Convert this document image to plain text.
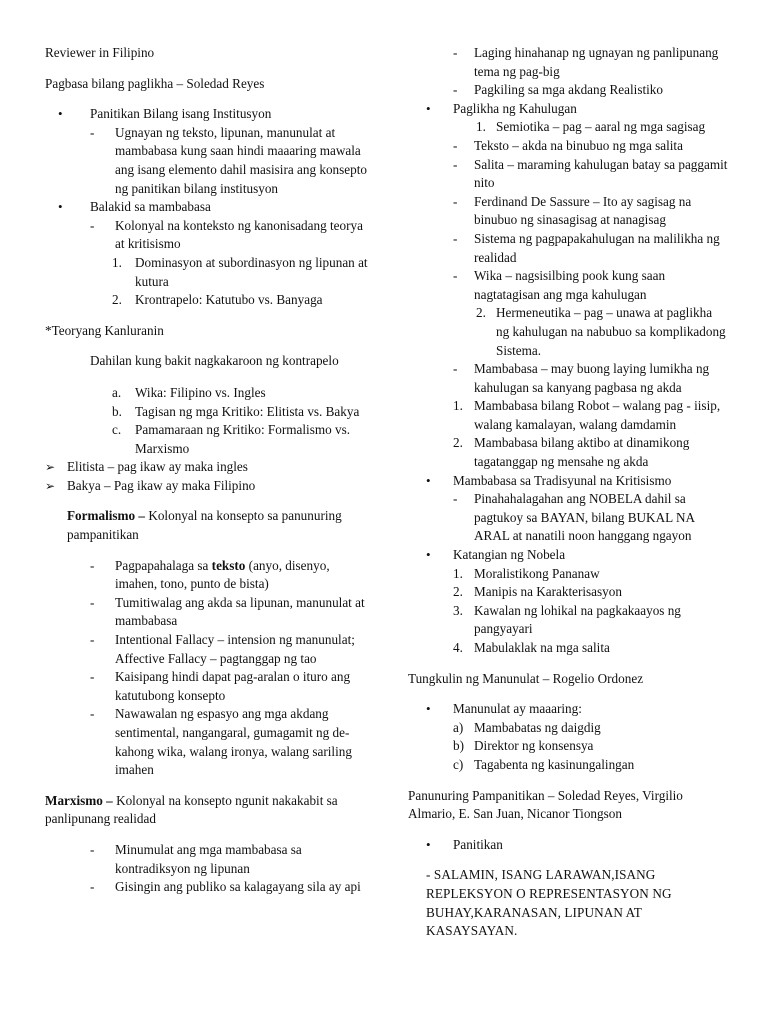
Reviewer in Filipino

Pagbasa bilang paglikha – Soledad Reyes

•
Panitikan Bilang isang Institusyon
-
Ugnayan ng teksto, lipunan, manunulat at mambabasa kung saan hindi maaaring mawala ang isang elemento dahil masisira ang konsepto ng panitikan bilang institusyon
•
Balakid sa mambabasa
-
Kolonyal na konteksto ng kanonisadang teorya at kritisismo
1. Dominasyon at subordinasyon ng lipunan at kutura
2. Krontrapelo: Katutubo vs. Banyaga

*Teoryang Kanluranin

Dahilan kung bakit nagkakaroon ng kontrapelo

a.	Wika: Filipino vs. Ingles
b. Tagisan ng mga Kritiko: Elitista vs. Bakya
c.	Pamamaraan ng Kritiko: Formalismo vs. Marxismo
➢
Elitista – pag ikaw ay maka ingles
➢
Bakya – Pag ikaw ay maka Filipino

Formalismo – Kolonyal na konsepto sa panunuring pampanitikan

-
Pagpapahalaga sa teksto (anyo, disenyo, imahen, tono, punto de bista)
-
Tumitiwalag ang akda sa lipunan, manunulat at mambabasa
-
Intentional Fallacy – intension ng manunulat; Affective Fallacy – pagtanggap ng tao
-
Kaisipang hindi dapat pag-aralan o ituro ang katutubong konsepto
-
Nawawalan ng espasyo ang mga akdang sentimental, nangangaral, gumagamit ng de-kahong wika, walang ironya, walang sariling imahen

Marxismo – Kolonyal na konsepto ngunit nakakabit sa panlipunang realidad

-
Minumulat ang mga mambabasa sa kontradiksyon ng lipunan
-
Gisingin ang publiko sa kalagayang sila ay api
-
Laging hinahanap ng ugnayan ng panlipunang tema ng pag-big
-
Pagkiling sa mga akdang Realistiko
•
Paglikha ng Kahulugan
1. Semiotika – pag – aaral ng mga sagisag
-
Teksto – akda na binubuo ng mga salita
-
Salita – maraming kahulugan batay sa paggamit nito
-
Ferdinand De Sassure – Ito ay sagisag na binubuo ng sinasagisag at nanagisag
-
Sistema ng pagpapakahulugan na malilikha ng realidad
-
Wika – nagsisilbing pook kung saan nagtatagisan ang mga kahulugan
2. Hermeneutika – pag – unawa at paglikha ng kahulugan na nabubuo sa komplikadong Sistema.
-
Mambabasa – may buong laying lumikha ng kahulugan sa kanyang pagbasa ng akda
1. Mambabasa bilang Robot – walang pag - iisip, walang kamalayan, walang damdamin
2. Mambabasa bilang aktibo at dinamikong tagatanggap ng mensahe ng akda
•
Mambabasa sa Tradisyunal na Kritisismo
-
Pinahahalagahan ang NOBELA dahil sa pagtukoy sa BAYAN, bilang BUKAL NA ARAL at nanatili noon hanggang ngayon
•
Katangian ng Nobela
1. Moralistikong Pananaw
2. Manipis na Karakterisasyon
3. Kawalan ng lohikal na pagkakaayos ng pangyayari
4. Mabulaklak na mga salita

Tungkulin ng Manunulat – Rogelio Ordonez

•
Manunulat ay maaaring:
a) Mambabatas ng daigdig
b) Direktor ng konsensya
c) Tagabenta ng kasinungalingan

Panunuring Pampanitikan – Soledad Reyes, Virgilio Almario, E. San Juan, Nicanor Tiongson

•
Panitikan

- SALAMIN, ISANG LARAWAN,ISANG REPLEKSYON O REPRESENTASYON NG BUHAY,KARANASAN, LIPUNAN AT KASAYSAYAN.
